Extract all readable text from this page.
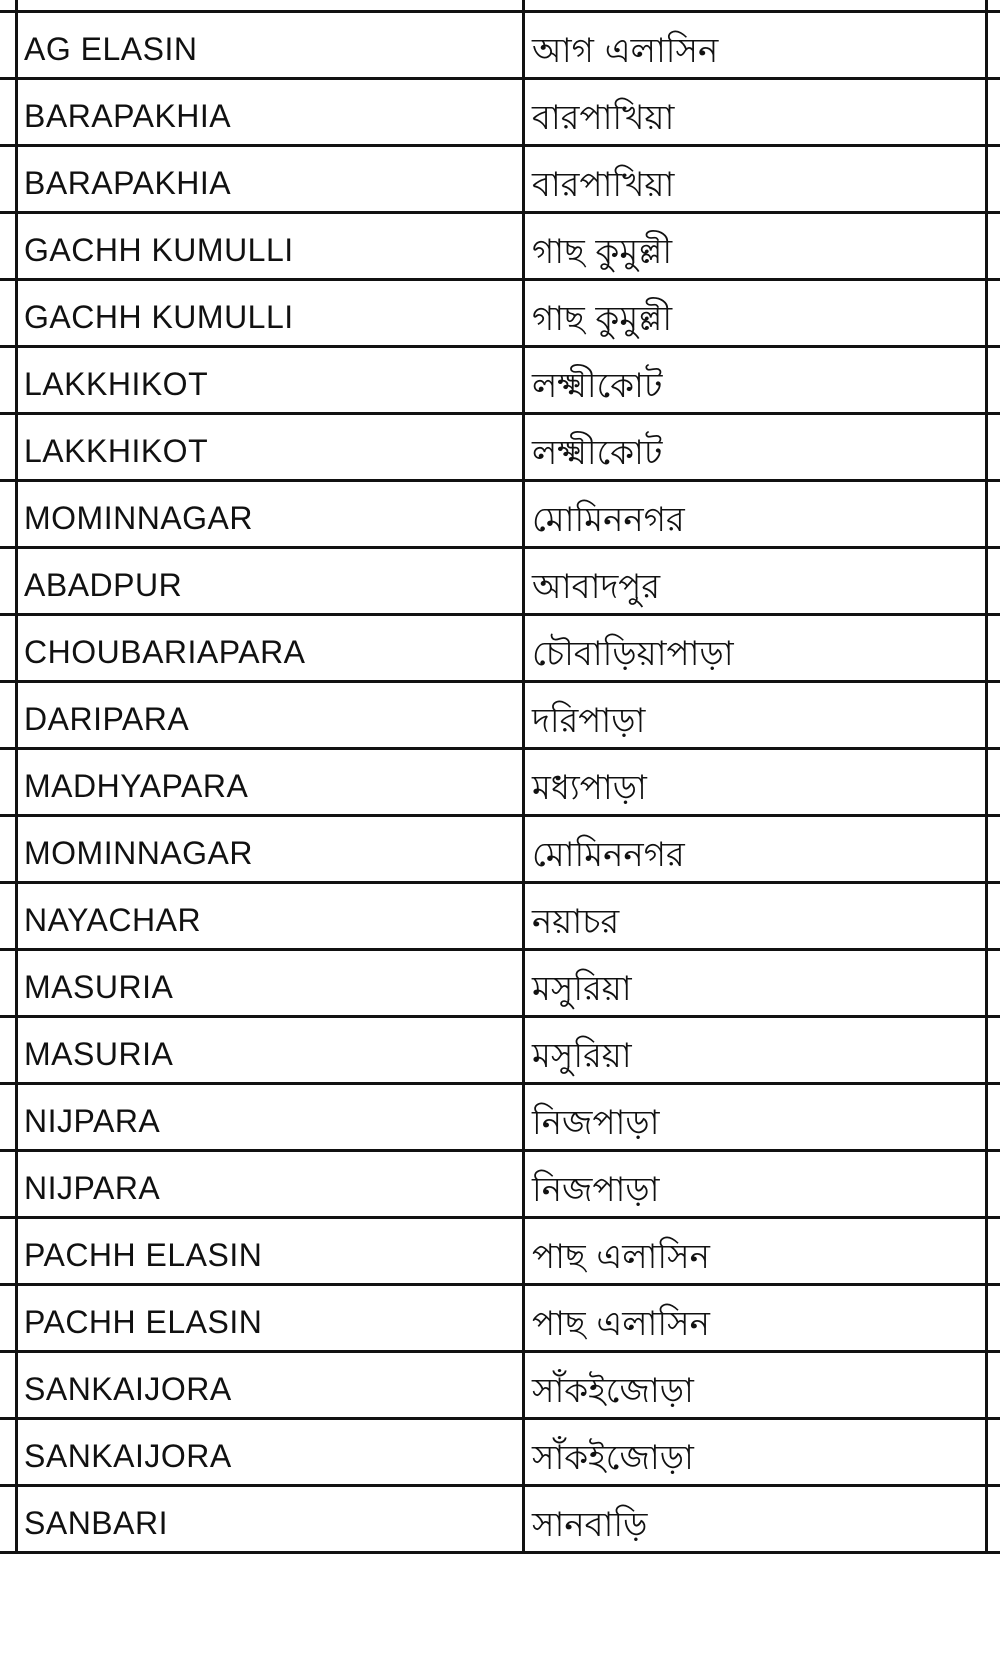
AG ELASIN	আগ এলাসিন
BARAPAKHIA	বারপাখিয়া
BARAPAKHIA	বারপাখিয়া
GACHH KUMULLI	গাছ কুমুল্লী
GACHH KUMULLI	গাছ কুমুল্লী
LAKKHIKOT	লক্ষ্মীকোট
LAKKHIKOT	লক্ষ্মীকোট
MOMINNAGAR	মোমিননগর
ABADPUR	আবাদপুর
CHOUBARIAPARA	চৌবাড়িয়াপাড়া
DARIPARA	দরিপাড়া
MADHYAPARA	মধ্যপাড়া
MOMINNAGAR	মোমিননগর
NAYACHAR	নয়াচর
MASURIA	মসুরিয়া
MASURIA	মসুরিয়া
NIJPARA	নিজপাড়া
NIJPARA	নিজপাড়া
PACHH ELASIN	পাছ এলাসিন
PACHH ELASIN	পাছ এলাসিন
SANKAIJORA	সাঁকইজোড়া
SANKAIJORA	সাঁকইজোড়া
SANBARI	সানবাড়ি
